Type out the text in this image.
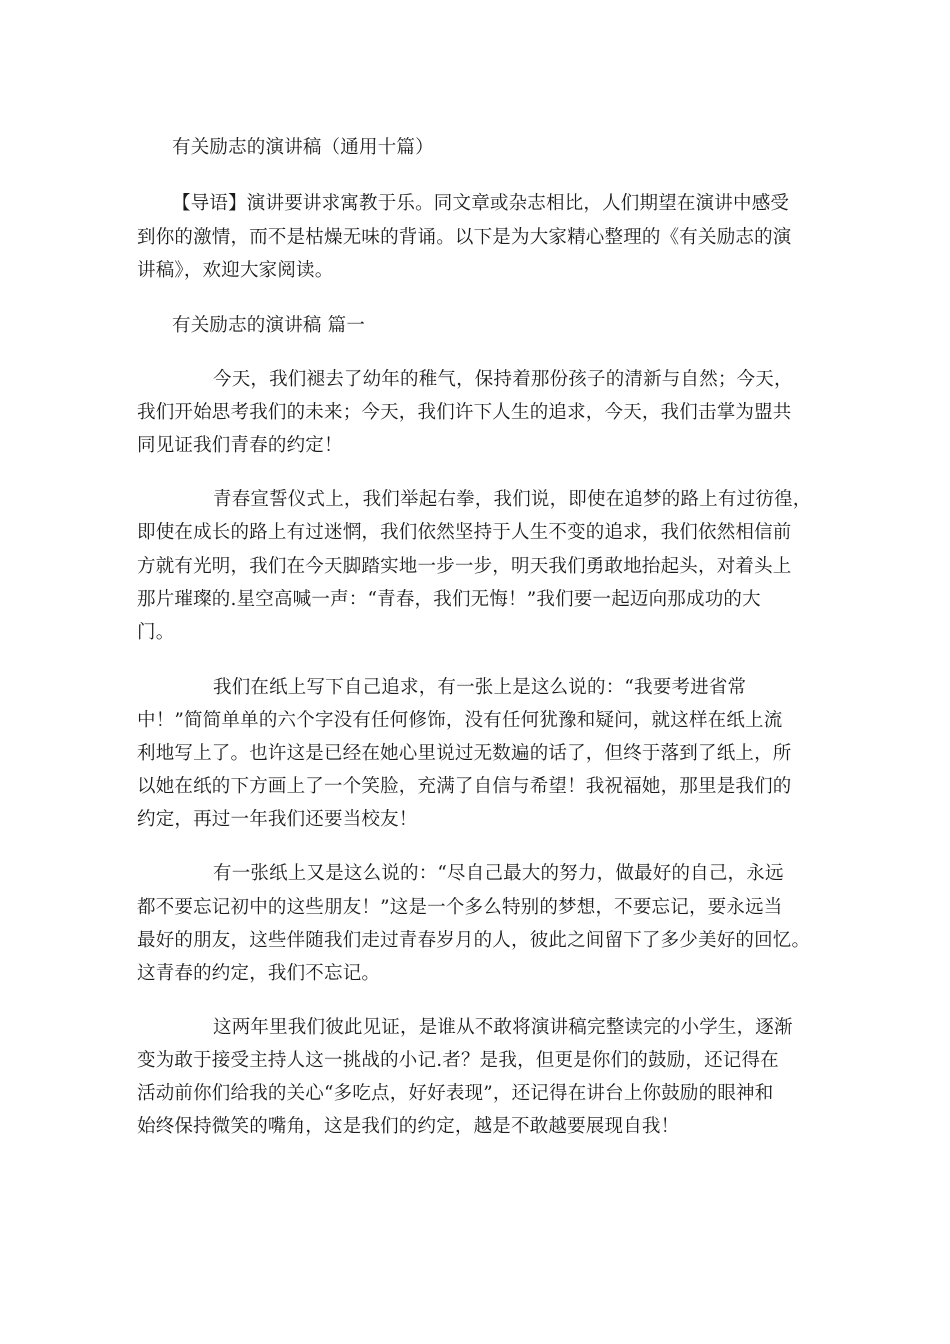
有关励志的演讲稿（通用十篇）
【导语】演讲要讲求寓教于乐。同文章或杂志相比，人们期望在演讲中感受
到你的激情，而不是枯燥无味的背诵。以下是为大家精心整理的《有关励志的演
讲稿》，欢迎大家阅读。
有关励志的演讲稿 篇一
今天，我们褪去了幼年的稚气，保持着那份孩子的清新与自然；今天，
我们开始思考我们的未来；今天，我们许下人生的追求，今天，我们击掌为盟共
同见证我们青春的约定！
青春宣誓仪式上，我们举起右拳，我们说，即使在追梦的路上有过彷徨，
即使在成长的路上有过迷惘，我们依然坚持于人生不变的追求，我们依然相信前
方就有光明，我们在今天脚踏实地一步一步，明天我们勇敢地抬起头，对着头上
那片璀璨的.星空高喊一声：“青春，我们无悔！”我们要一起迈向那成功的大
门。
我们在纸上写下自己追求，有一张上是这么说的：“我要考进省常
中！”简简单单的六个字没有任何修饰，没有任何犹豫和疑问，就这样在纸上流
利地写上了。也许这是已经在她心里说过无数遍的话了，但终于落到了纸上，所
以她在纸的下方画上了一个笑脸，充满了自信与希望！我祝福她，那里是我们的
约定，再过一年我们还要当校友！
有一张纸上又是这么说的：“尽自己最大的努力，做最好的自己，永远
都不要忘记初中的这些朋友！”这是一个多么特别的梦想，不要忘记，要永远当
最好的朋友，这些伴随我们走过青春岁月的人，彼此之间留下了多少美好的回忆。
这青春的约定，我们不忘记。
这两年里我们彼此见证，是谁从不敢将演讲稿完整读完的小学生，逐渐
变为敢于接受主持人这一挑战的小记.者？是我，但更是你们的鼓励，还记得在
活动前你们给我的关心“多吃点，好好表现”，还记得在讲台上你鼓励的眼神和
始终保持微笑的嘴角，这是我们的约定，越是不敢越要展现自我！
